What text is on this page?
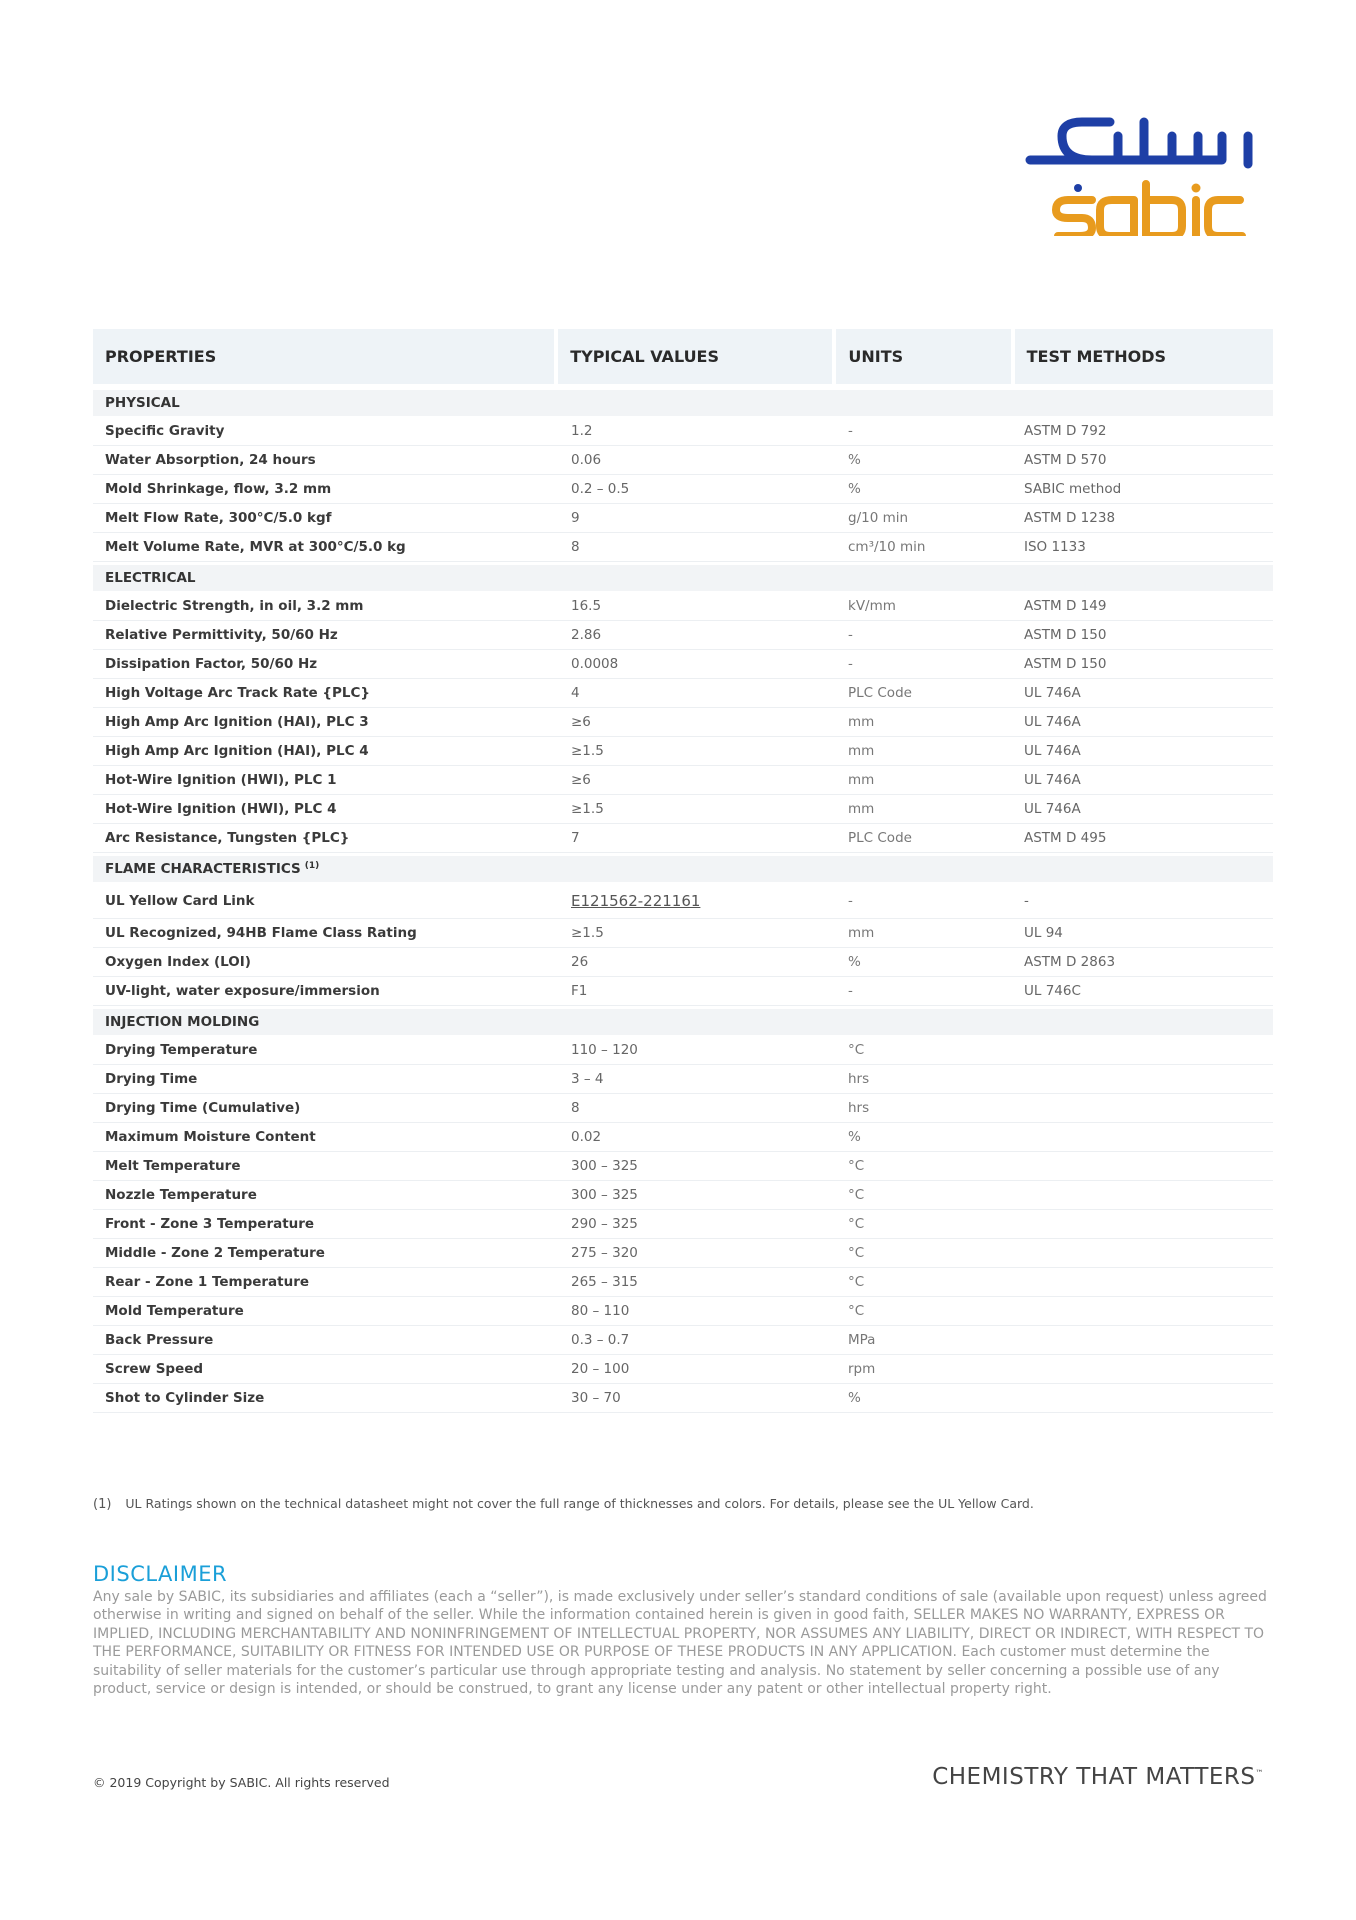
PROPERTIES	TYPICAL VALUES	UNITS	TEST METHODS
PHYSICAL
Specific Gravity	1.2	-	ASTM D 792
Water Absorption, 24 hours	0.06	%	ASTM D 570
Mold Shrinkage, flow, 3.2 mm	0.2 – 0.5	%	SABIC method
Melt Flow Rate, 300°C/5.0 kgf	9	g/10 min	ASTM D 1238
Melt Volume Rate, MVR at 300°C/5.0 kg	8	cm³/10 min	ISO 1133
ELECTRICAL
Dielectric Strength, in oil, 3.2 mm	16.5	kV/mm	ASTM D 149
Relative Permittivity, 50/60 Hz	2.86	-	ASTM D 150
Dissipation Factor, 50/60 Hz	0.0008	-	ASTM D 150
High Voltage Arc Track Rate {PLC}	4	PLC Code	UL 746A
High Amp Arc Ignition (HAI), PLC 3	≥6	mm	UL 746A
High Amp Arc Ignition (HAI), PLC 4	≥1.5	mm	UL 746A
Hot-Wire Ignition (HWI), PLC 1	≥6	mm	UL 746A
Hot-Wire Ignition (HWI), PLC 4	≥1.5	mm	UL 746A
Arc Resistance, Tungsten {PLC}	7	PLC Code	ASTM D 495
FLAME CHARACTERISTICS $^{(1)}$
UL Yellow Card Link	E121562-221161	-	-
UL Recognized, 94HB Flame Class Rating	≥1.5	mm	UL 94
Oxygen Index (LOI)	26	%	ASTM D 2863
UV-light, water exposure/immersion	F1	-	UL 746C
INJECTION MOLDING
Drying Temperature	110 – 120	°C
Drying Time	3 – 4	hrs
Drying Time (Cumulative)	8	hrs
Maximum Moisture Content	0.02	%
Melt Temperature	300 – 325	°C
Nozzle Temperature	300 – 325	°C
Front - Zone 3 Temperature	290 – 325	°C
Middle - Zone 2 Temperature	275 – 320	°C
Rear - Zone 1 Temperature	265 – 315	°C
Mold Temperature	80 – 110	°C
Back Pressure	0.3 – 0.7	MPa
Screw Speed	20 – 100	rpm
Shot to Cylinder Size	30 – 70	%
(1) UL Ratings shown on the technical datasheet might not cover the full range of thicknesses and colors. For details, please see the UL Yellow Card.
DISCLAIMER
Any sale by SABIC, its subsidiaries and affiliates (each a “seller”), is made exclusively under seller’s standard conditions of sale (available upon request) unless agreed otherwise in writing and signed on behalf of the seller. While the information contained herein is given in good faith, SELLER MAKES NO WARRANTY, EXPRESS OR IMPLIED, INCLUDING MERCHANTABILITY AND NONINFRINGEMENT OF INTELLECTUAL PROPERTY, NOR ASSUMES ANY LIABILITY, DIRECT OR INDIRECT, WITH RESPECT TO THE PERFORMANCE, SUITABILITY OR FITNESS FOR INTENDED USE OR PURPOSE OF THESE PRODUCTS IN ANY APPLICATION. Each customer must determine the suitability of seller materials for the customer’s particular use through appropriate testing and analysis. No statement by seller concerning a possible use of any product, service or design is intended, or should be construed, to grant any license under any patent or other intellectual property right.
© 2019 Copyright by SABIC. All rights reserved	CHEMISTRY THAT MATTERS™
